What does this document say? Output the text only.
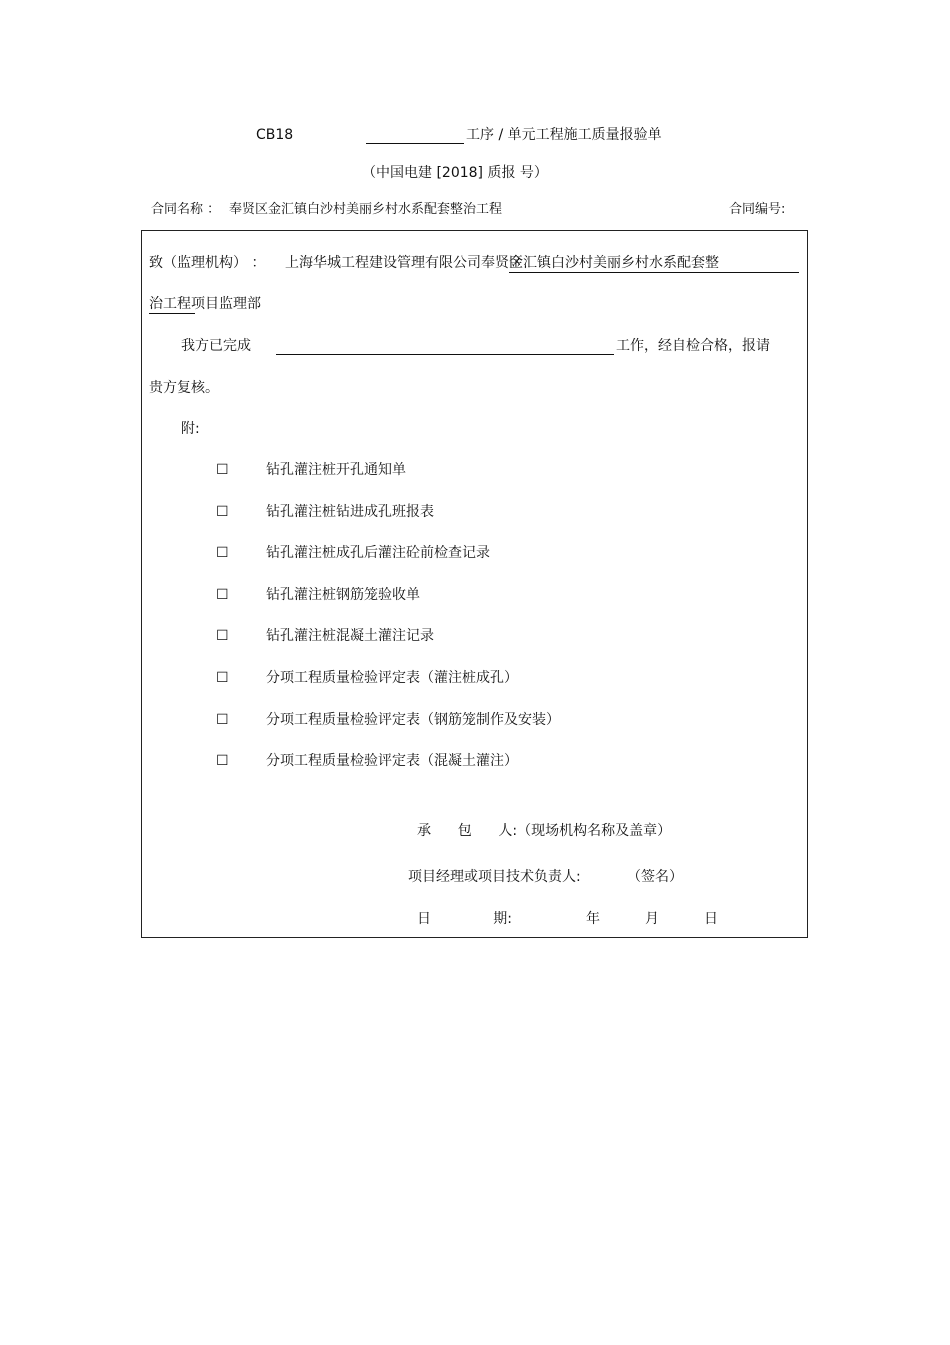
CB18	工序 / 单元工程施工质量报验单
（中国电建 [2018] 质报 号）
合同名称 ： 奉贤区金汇镇白沙村美丽乡村水系配套整治工程	合同编号:
致（监理机构） ： 上海华城工程建设管理有限公司奉贤区
金汇镇白沙村美丽乡村水系配套整
治工程 项目监理部
我方已完成	工作，经自检合格，报请
贵方复核。
附:
☐	钻孔灌注桩开孔通知单
☐	钻孔灌注桩钻进成孔班报表
☐	钻孔灌注桩成孔后灌注砼前检查记录
☐	钻孔灌注桩钢筋笼验收单
☐	钻孔灌注桩混凝土灌注记录
☐	分项工程质量检验评定表（灌注桩成孔）
☐	分项工程质量检验评定表（钢筋笼制作及安装）
☐	分项工程质量检验评定表（混凝土灌注）
承      包      人:（现场机构名称及盖章）
项目经理或项目技术负责人:	（签名）
日              期:	年	月	日
